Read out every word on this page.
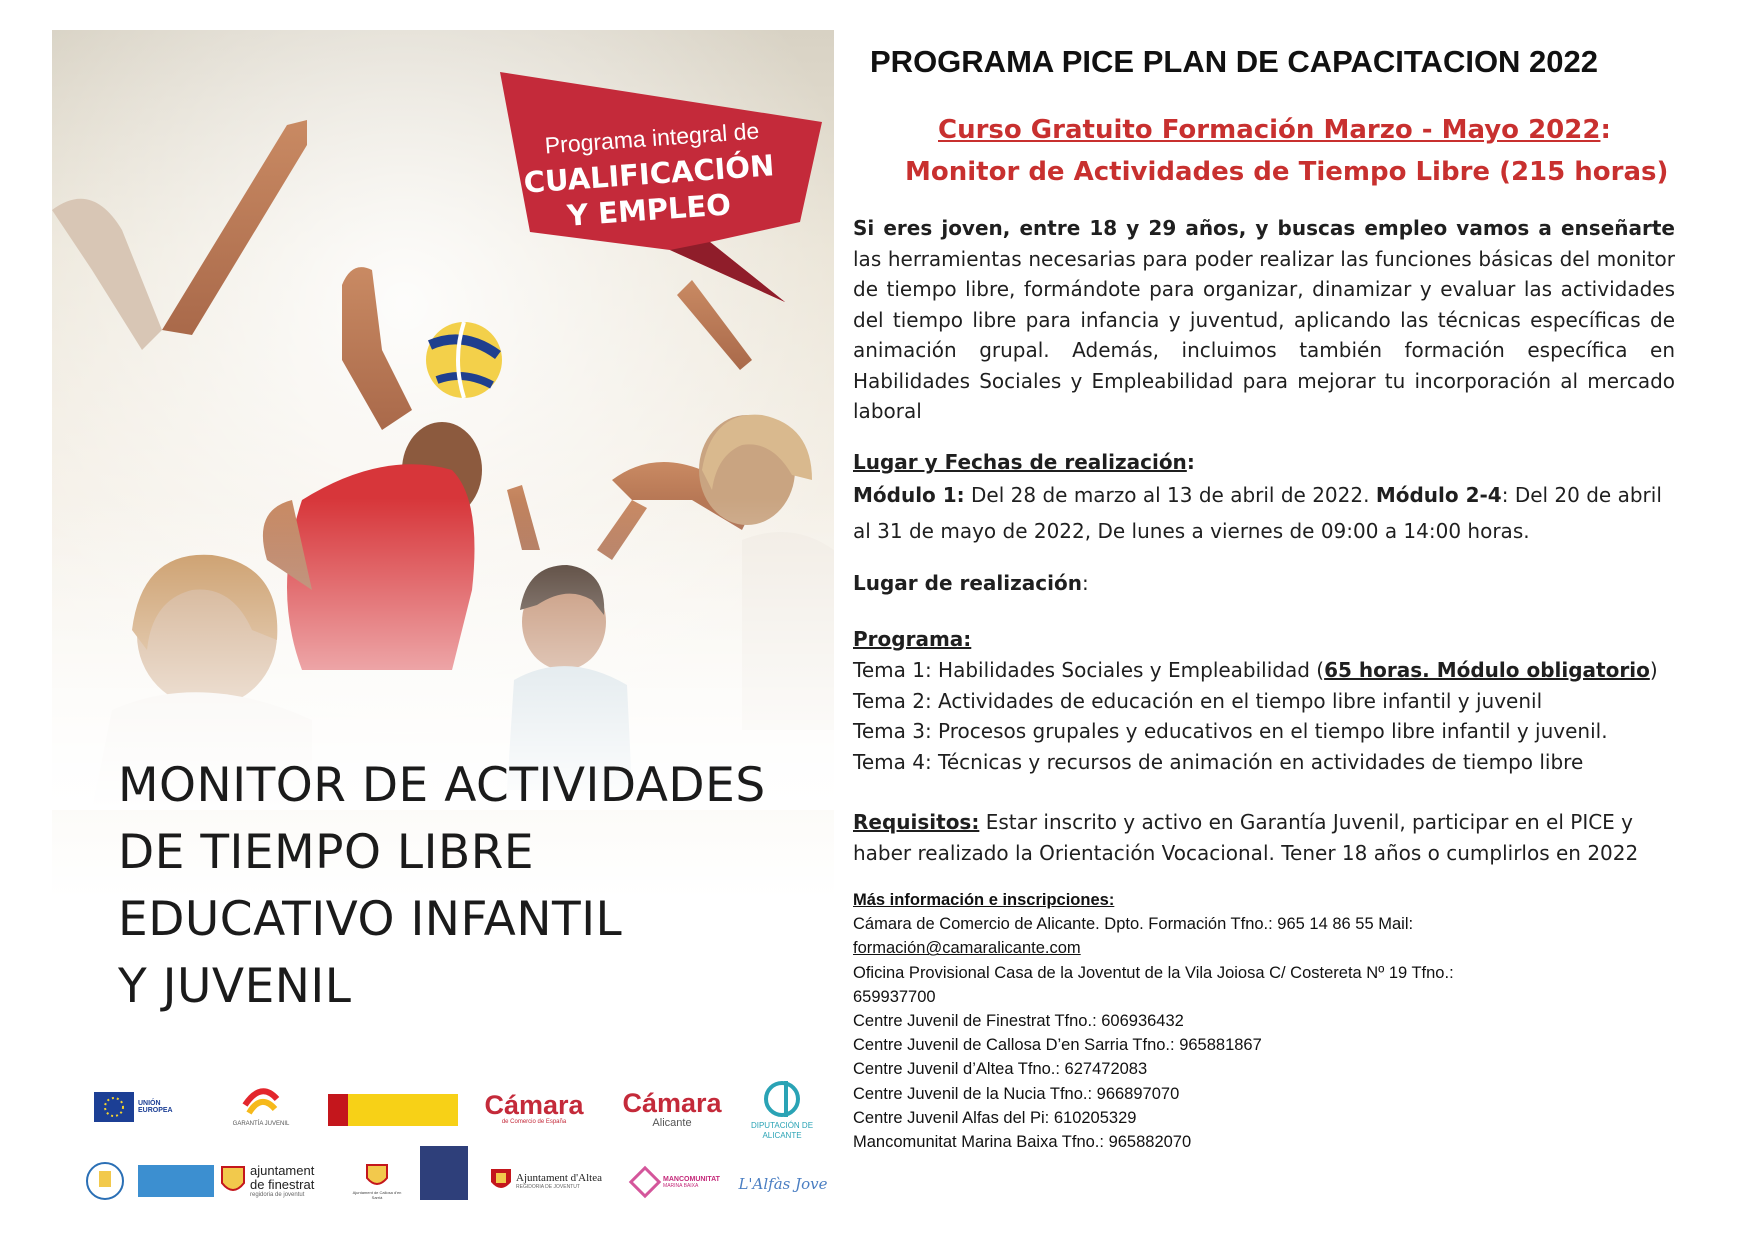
Programa integral de
CUALIFICACIÓN
Y EMPLEO
MONITOR DE ACTIVIDADES
DE TIEMPO LIBRE
EDUCATIVO INFANTIL
Y JUVENIL
UNIÓN EUROPEA
GARANTÍA JUVENIL
Cámara
de Comercio de España
Cámara
Alicante	DIPUTACIÓN DE ALICANTE
ajuntament de finestrat
regidoria de joventut	Ajuntament de Callosa d'en Sarrià
Ajuntament d'Altea
REGIDORIA DE JOVENTUT
MANCOMUNITAT
MARINA BAIXA	L'Alfàs Jove
PROGRAMA PICE PLAN DE CAPACITACION 2022
Curso Gratuito Formación Marzo - Mayo 2022:
Monitor de Actividades de Tiempo Libre (215 horas)
Si eres joven, entre 18 y 29 años, y buscas empleo vamos a enseñarte las herramientas necesarias para poder realizar las funciones básicas del monitor de tiempo libre, formándote para organizar, dinamizar y evaluar las actividades del tiempo libre para infancia y juventud, aplicando las técnicas específicas de animación grupal. Además, incluimos también formación específica en Habilidades Sociales y Empleabilidad para mejorar tu incorporación al mercado laboral
Lugar y Fechas de realización:
Módulo 1: Del 28 de marzo al 13 de abril de 2022. Módulo 2-4: Del 20 de abril al 31 de mayo de 2022, De lunes a viernes de 09:00 a 14:00 horas.
Lugar de realización:
Programa:
Tema 1: Habilidades Sociales y Empleabilidad (65 horas. Módulo obligatorio)
Tema 2: Actividades de educación en el tiempo libre infantil y juvenil
Tema 3: Procesos grupales y educativos en el tiempo libre infantil y juvenil.
Tema 4: Técnicas y recursos de animación en actividades de tiempo libre
Requisitos: Estar inscrito y activo en Garantía Juvenil, participar en el PICE y haber realizado la Orientación Vocacional. Tener 18 años o cumplirlos en 2022
Más información e inscripciones:
Cámara de Comercio de Alicante. Dpto. Formación Tfno.: 965 14 86 55 Mail:
formación@camaralicante.com
Oficina Provisional Casa de la Joventut de la Vila Joiosa C/ Costereta Nº 19 Tfno.:
659937700
Centre Juvenil de Finestrat Tfno.: 606936432
Centre Juvenil de Callosa D’en Sarria Tfno.: 965881867
Centre Juvenil d’Altea Tfno.: 627472083
Centre Juvenil de la Nucia Tfno.: 966897070
Centre Juvenil Alfas del Pi: 610205329
Mancomunitat Marina Baixa Tfno.: 965882070
